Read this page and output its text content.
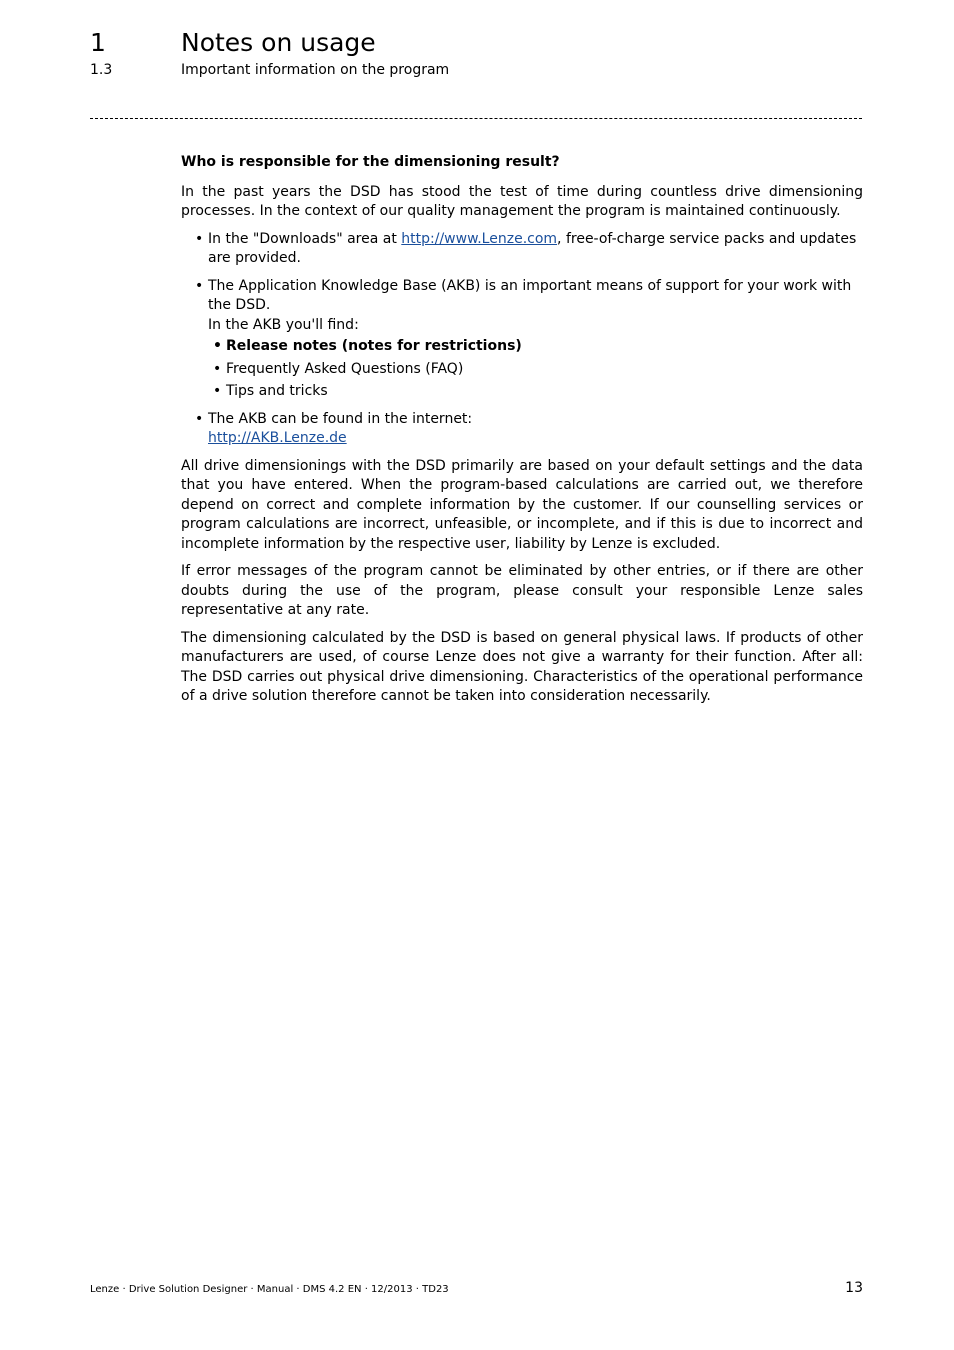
1	Notes on usage
1.3	Important information on the program
Who is responsible for the dimensioning result?

In the past years the DSD has stood the test of time during countless drive dimensioning processes. In the context of our quality management the program is maintained continuously.

• In the "Downloads" area at http://www.Lenze.com, free-of-charge service packs and updates are provided.
• The Application Knowledge Base (AKB) is an important means of support for your work with the DSD.
In the AKB you'll find:
• Release notes (notes for restrictions)
• Frequently Asked Questions (FAQ)
• Tips and tricks
• The AKB can be found in the internet:
http://AKB.Lenze.de

All drive dimensionings with the DSD primarily are based on your default settings and the data that you have entered. When the program-based calculations are carried out, we therefore depend on correct and complete information by the customer. If our counselling services or program calculations are incorrect, unfeasible, or incomplete, and if this is due to incorrect and incomplete information by the respective user, liability by Lenze is excluded.

If error messages of the program cannot be eliminated by other entries, or if there are other doubts during the use of the program, please consult your responsible Lenze sales representative at any rate.

The dimensioning calculated by the DSD is based on general physical laws. If products of other manufacturers are used, of course Lenze does not give a warranty for their function. After all: The DSD carries out physical drive dimensioning. Characteristics of the operational performance of a drive solution therefore cannot be taken into consideration necessarily.

Lenze · Drive Solution Designer · Manual · DMS 4.2 EN · 12/2013 · TD23	13
